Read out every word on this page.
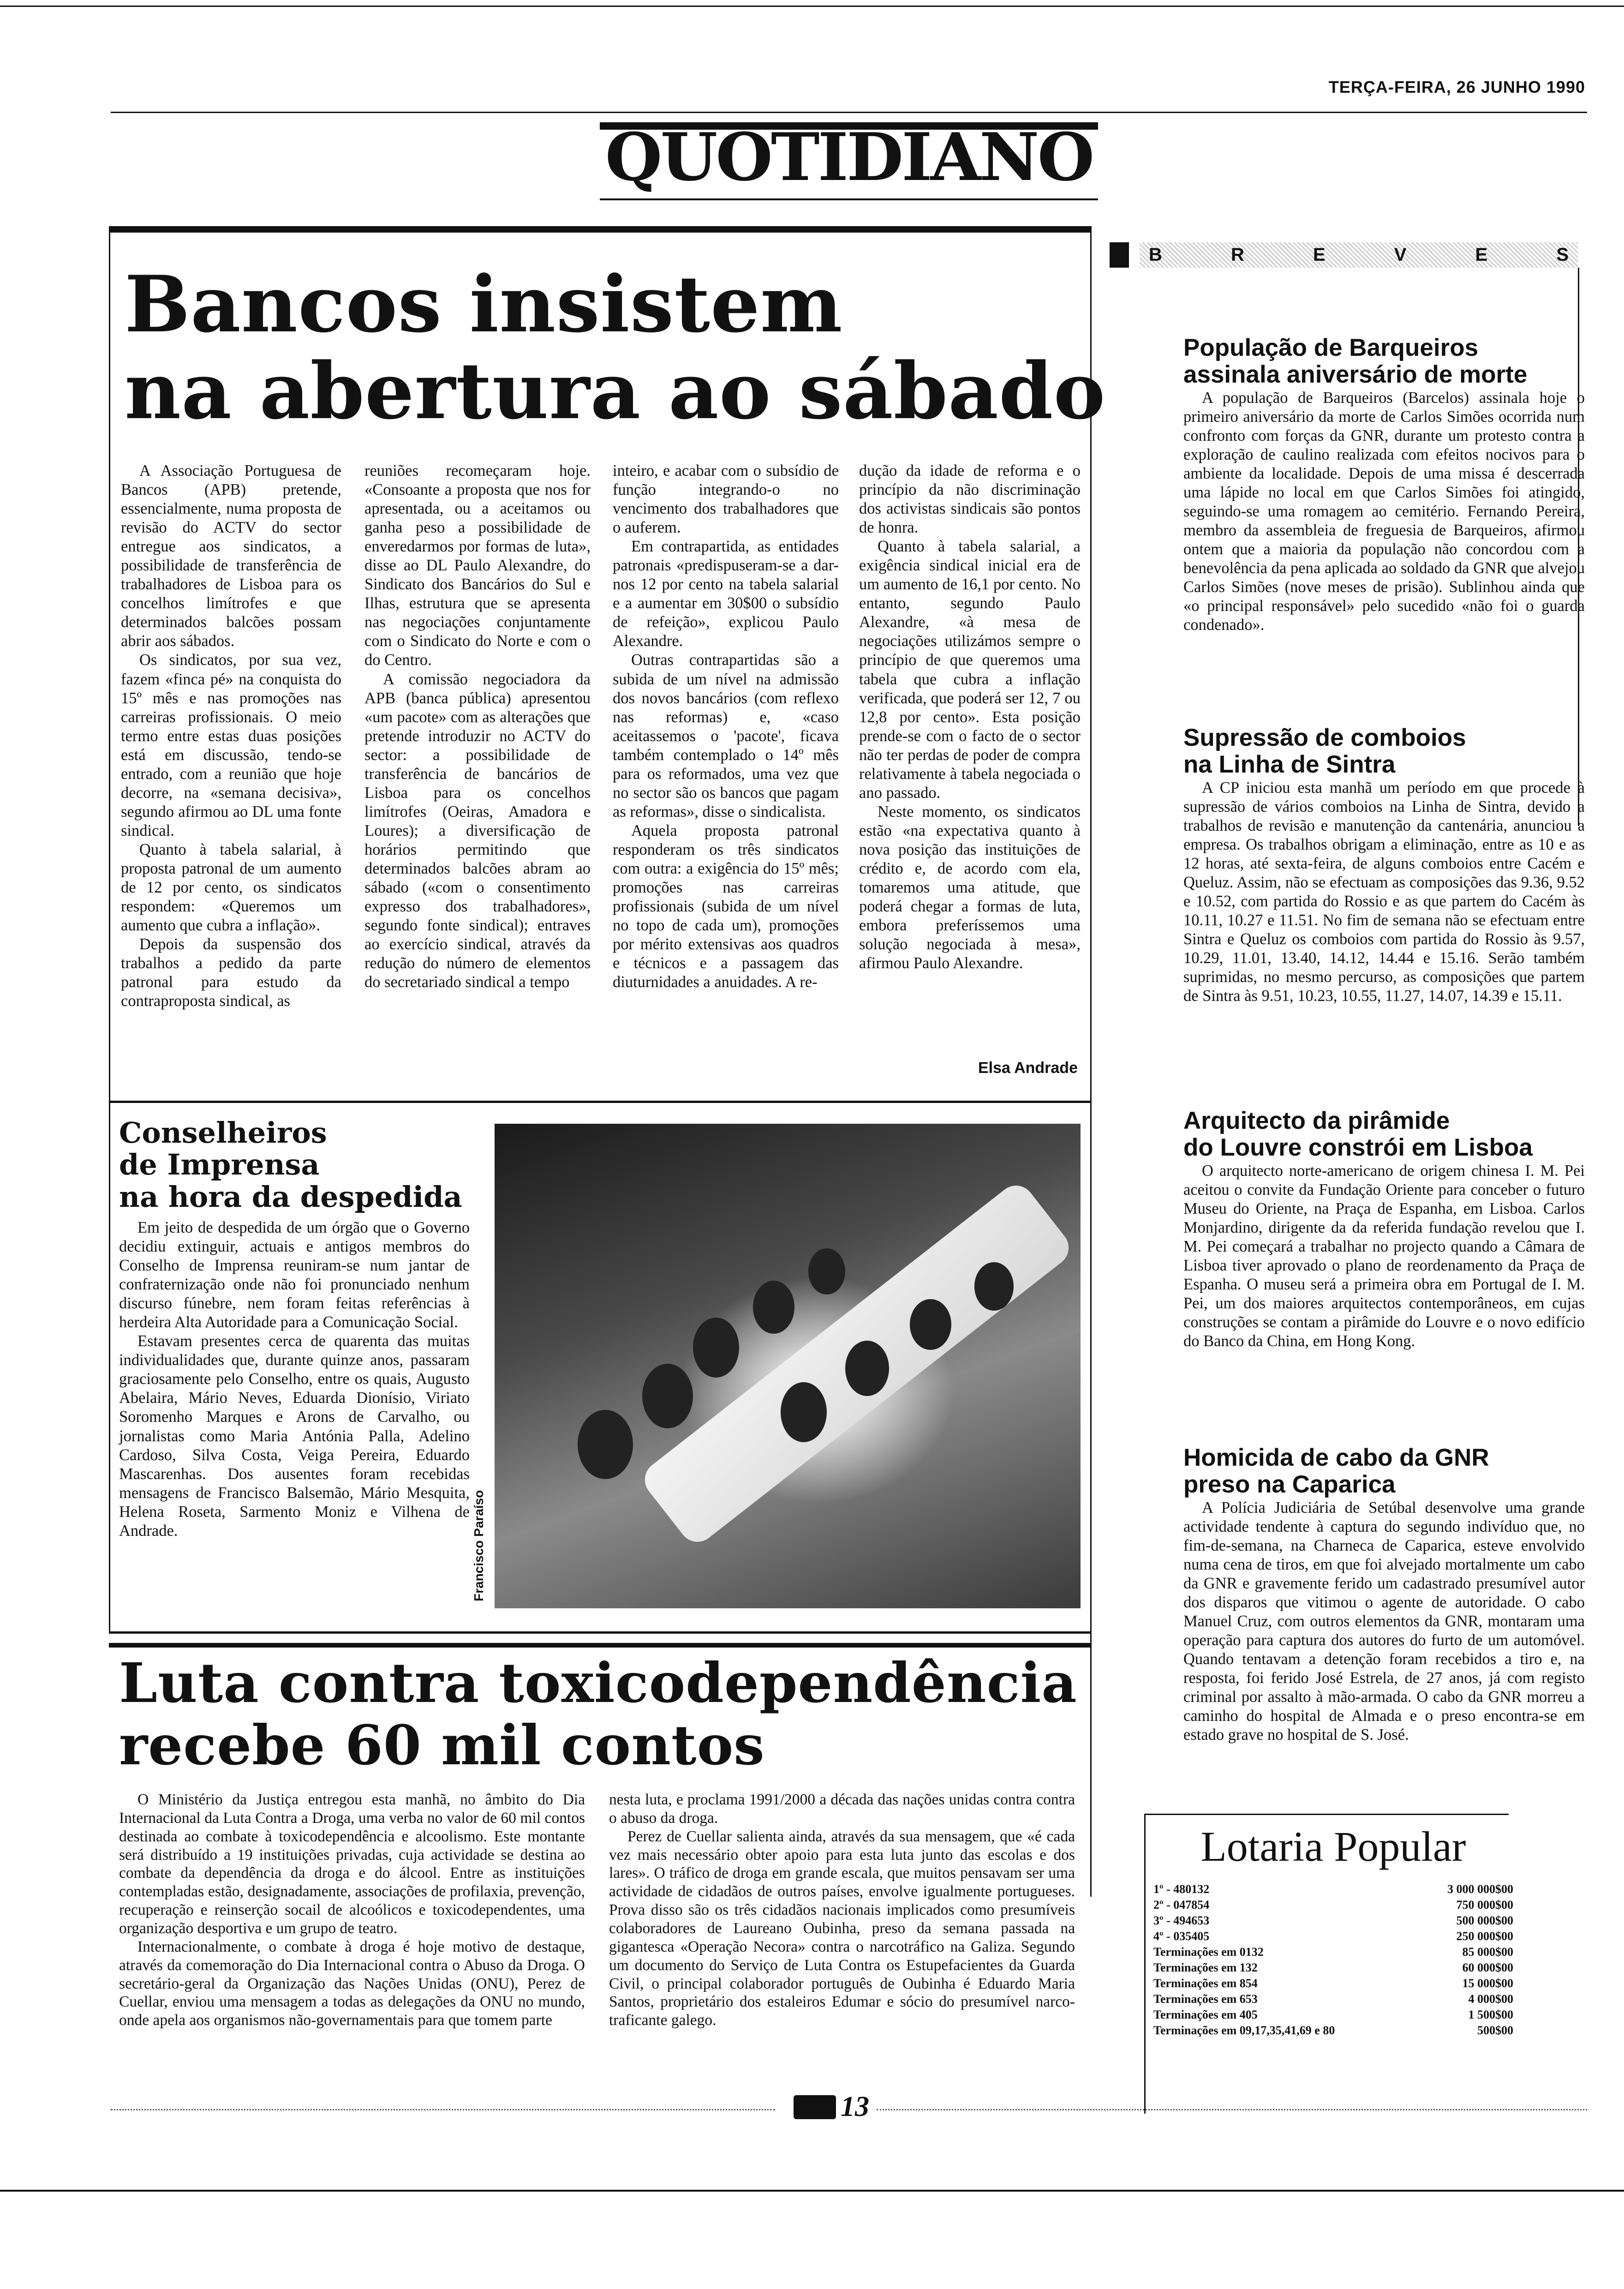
TERÇA-FEIRA, 26 JUNHO 1990
QUOTIDIANO
Bancos insistem
na abertura ao sábado

A Associação Portuguesa de Bancos (APB) pretende, essencialmente, numa proposta de revisão do ACTV do sector entregue aos sindicatos, a possibilidade de transferência de trabalhadores de Lisboa para os concelhos limítrofes e que determinados balcões possam abrir aos sábados.

Os sindicatos, por sua vez, fazem «finca pé» na conquista do 15º mês e nas promoções nas carreiras profissionais. O meio termo entre estas duas posições está em discussão, tendo-se entrado, com a reunião que hoje decorre, na «semana decisiva», segundo afirmou ao DL uma fonte sindical.

Quanto à tabela salarial, à proposta patronal de um aumento de 12 por cento, os sindicatos respondem: «Queremos um aumento que cubra a inflação».

Depois da suspensão dos trabalhos a pedido da parte patronal para estudo da contraproposta sindical, as

reuniões recomeçaram hoje. «Consoante a proposta que nos for apresentada, ou a aceitamos ou ganha peso a possibilidade de enveredarmos por formas de luta», disse ao DL Paulo Alexandre, do Sindicato dos Bancários do Sul e Ilhas, estrutura que se apresenta nas negociações conjuntamente com o Sindicato do Norte e com o do Centro.

A comissão negociadora da APB (banca pública) apresentou «um pacote» com as alterações que pretende introduzir no ACTV do sector: a possibilidade de transferência de bancários de Lisboa para os concelhos limítrofes (Oeiras, Amadora e Loures); a diversificação de horários permitindo que determinados balcões abram ao sábado («com o consentimento expresso dos trabalhadores», segundo fonte sindical); entraves ao exercício sindical, através da redução do número de elementos do secretariado sindical a tempo

inteiro, e acabar com o subsídio de função integrando-o no vencimento dos trabalhadores que o auferem.

Em contrapartida, as entidades patronais «predispuseram-se a dar-nos 12 por cento na tabela salarial e a aumentar em 30$00 o subsídio de refeição», explicou Paulo Alexandre.

Outras contrapartidas são a subida de um nível na admissão dos novos bancários (com reflexo nas reformas) e, «caso aceitassemos o 'pacote', ficava também contemplado o 14º mês para os reformados, uma vez que no sector são os bancos que pagam as reformas», disse o sindicalista.

Aquela proposta patronal responderam os três sindicatos com outra: a exigência do 15º mês; promoções nas carreiras profissionais (subida de um nível no topo de cada um), promoções por mérito extensivas aos quadros e técnicos e a passagem das diuturnidades a anuidades. A re-

dução da idade de reforma e o princípio da não discriminação dos activistas sindicais são pontos de honra.

Quanto à tabela salarial, a exigência sindical inicial era de um aumento de 16,1 por cento. No entanto, segundo Paulo Alexandre, «à mesa de negociações utilizámos sempre o princípio de que queremos uma tabela que cubra a inflação verificada, que poderá ser 12, 7 ou 12,8 por cento». Esta posição prende-se com o facto de o sector não ter perdas de poder de compra relativamente à tabela negociada o ano passado.

Neste momento, os sindicatos estão «na expectativa quanto à nova posição das instituições de crédito e, de acordo com ela, tomaremos uma atitude, que poderá chegar a formas de luta, embora preferíssemos uma solução negociada à mesa», afirmou Paulo Alexandre.

Elsa Andrade
Conselheiros
de Imprensa
na hora da despedida

Em jeito de despedida de um órgão que o Governo decidiu extinguir, actuais e antigos membros do Conselho de Imprensa reuniram-se num jantar de confraternização onde não foi pronunciado nenhum discurso fúnebre, nem foram feitas referências à herdeira Alta Autoridade para a Comunicação Social.

Estavam presentes cerca de quarenta das muitas individualidades que, durante quinze anos, passaram graciosamente pelo Conselho, entre os quais, Augusto Abelaira, Mário Neves, Eduarda Dionísio, Viriato Soromenho Marques e Arons de Carvalho, ou jornalistas como Maria Antónia Palla, Adelino Cardoso, Silva Costa, Veiga Pereira, Eduardo Mascarenhas. Dos ausentes foram recebidas mensagens de Francisco Balsemão, Mário Mesquita, Helena Roseta, Sarmento Moniz e Vilhena de Andrade.	Francisco Paraíso
Luta contra toxicodependência
recebe 60 mil contos

O Ministério da Justiça entregou esta manhã, no âmbito do Dia Internacional da Luta Contra a Droga, uma verba no valor de 60 mil contos destinada ao combate à toxicodependência e alcoolismo. Este montante será distribuído a 19 instituições privadas, cuja actividade se destina ao combate da dependência da droga e do álcool. Entre as instituições contempladas estão, designadamente, associações de profilaxia, prevenção, recuperação e reinserção socail de alcoólicos e toxicodependentes, uma organização desportiva e um grupo de teatro.

Internacionalmente, o combate à droga é hoje motivo de destaque, através da comemoração do Dia Internacional contra o Abuso da Droga. O secretário-geral da Organização das Nações Unidas (ONU), Perez de Cuellar, enviou uma mensagem a todas as delegações da ONU no mundo, onde apela aos organismos não-governamentais para que tomem parte

nesta luta, e proclama 1991/2000 a década das nações unidas contra contra o abuso da droga.

Perez de Cuellar salienta ainda, através da sua mensagem, que «é cada vez mais necessário obter apoio para esta luta junto das escolas e dos lares». O tráfico de droga em grande escala, que muitos pensavam ser uma actividade de cidadãos de outros países, envolve igualmente portugueses. Prova disso são os três cidadãos nacionais implicados como presumíveis colaboradores de Laureano Oubinha, preso da semana passada na gigantesca «Operação Necora» contra o narcotráfico na Galiza. Segundo um documento do Serviço de Luta Contra os Estupefacientes da Guarda Civil, o principal colaborador português de Oubinha é Eduardo Maria Santos, proprietário dos estaleiros Edumar e sócio do presumível narco-traficante galego.

B	R	E	V	E	S
População de Barqueiros
assinala aniversário de morte

A população de Barqueiros (Barcelos) assinala hoje o primeiro aniversário da morte de Carlos Simões ocorrida num confronto com forças da GNR, durante um protesto contra a exploração de caulino realizada com efeitos nocivos para o ambiente da localidade. Depois de uma missa é descerrada uma lápide no local em que Carlos Simões foi atingido, seguindo-se uma romagem ao cemitério. Fernando Pereira, membro da assembleia de freguesia de Barqueiros, afirmou ontem que a maioria da população não concordou com a benevolência da pena aplicada ao soldado da GNR que alvejou Carlos Simões (nove meses de prisão). Sublinhou ainda que «o principal responsável» pelo sucedido «não foi o guarda condenado».

Supressão de comboios
na Linha de Sintra

A CP iniciou esta manhã um período em que procede à supressão de vários comboios na Linha de Sintra, devido a trabalhos de revisão e manutenção da cantenária, anunciou a empresa. Os trabalhos obrigam a eliminação, entre as 10 e as 12 horas, até sexta-feira, de alguns comboios entre Cacém e Queluz. Assim, não se efectuam as composições das 9.36, 9.52 e 10.52, com partida do Rossio e as que partem do Cacém às 10.11, 10.27 e 11.51. No fim de semana não se efectuam entre Sintra e Queluz os comboios com partida do Rossio às 9.57, 10.29, 11.01, 13.40, 14.12, 14.44 e 15.16. Serão também suprimidas, no mesmo percurso, as composições que partem de Sintra às 9.51, 10.23, 10.55, 11.27, 14.07, 14.39 e 15.11.

Arquitecto da pirâmide
do Louvre constrói em Lisboa

O arquitecto norte-americano de origem chinesa I. M. Pei aceitou o convite da Fundação Oriente para conceber o futuro Museu do Oriente, na Praça de Espanha, em Lisboa. Carlos Monjardino, dirigente da da referida fundação revelou que I. M. Pei começará a trabalhar no projecto quando a Câmara de Lisboa tiver aprovado o plano de reordenamento da Praça de Espanha. O museu será a primeira obra em Portugal de I. M. Pei, um dos maiores arquitectos contemporâneos, em cujas construções se contam a pirâmide do Louvre e o novo edifício do Banco da China, em Hong Kong.

Homicida de cabo da GNR
preso na Caparica

A Polícia Judiciária de Setúbal desenvolve uma grande actividade tendente à captura do segundo indivíduo que, no fim-de-semana, na Charneca de Caparica, esteve envolvido numa cena de tiros, em que foi alvejado mortalmente um cabo da GNR e gravemente ferido um cadastrado presumível autor dos disparos que vitimou o agente de autoridade. O cabo Manuel Cruz, com outros elementos da GNR, montaram uma operação para captura dos autores do furto de um automóvel. Quando tentavam a detenção foram recebidos a tiro e, na resposta, foi ferido José Estrela, de 27 anos, já com registo criminal por assalto à mão-armada. O cabo da GNR morreu a caminho do hospital de Almada e o preso encontra-se em estado grave no hospital de S. José.

Lotaria Popular
1º - 480132	3 000 000$00
2º - 047854	750 000$00
3º - 494653	500 000$00
4º - 035405	250 000$00
Terminações em 0132	85 000$00
Terminações em 132	60 000$00
Terminações em 854	15 000$00
Terminações em 653	4 000$00
Terminações em 405	1 500$00
Terminações em 09,17,35,41,69 e 80	500$00
13
